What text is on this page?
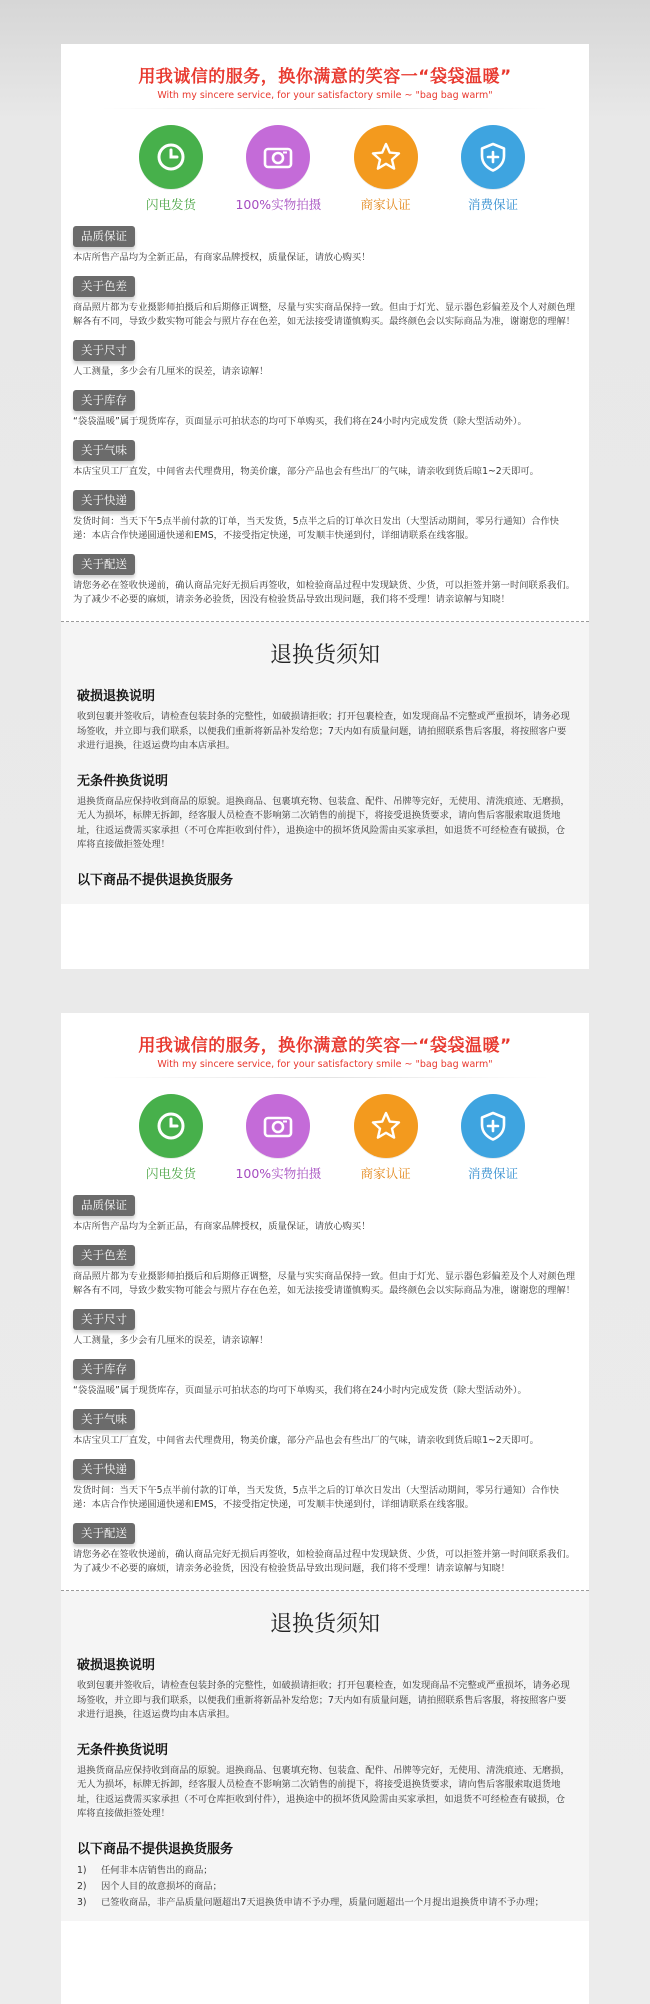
用我诚信的服务，换你满意的笑容一“袋袋温暖”
With my sincere service, for your satisfactory smile ~ "bag bag warm"
闪电发货	100%实物拍摄	商家认证	消费保证
品质保证

本店所售产品均为全新正品，有商家品牌授权，质量保证，请放心购买！

关于色差

商品照片都为专业摄影师拍摄后和后期修正调整，尽量与实实商品保持一致。但由于灯光、显示器色彩偏差及个人对颜色理解各有不同，导致少数实物可能会与照片存在色差，如无法接受请谨慎购买。最终颜色会以实际商品为准，谢谢您的理解！

关于尺寸

人工测量，多少会有几厘米的误差，请亲谅解！

关于库存

“袋袋温暖”属于现货库存，页面显示可拍状态的均可下单购买，我们将在24小时内完成发货（除大型活动外）。

关于气味

本店宝贝工厂直发，中间省去代理费用，物美价廉，部分产品也会有些出厂的气味，请亲收到货后晾1~2天即可。

关于快递

发货时间：当天下午5点半前付款的订单，当天发货，5点半之后的订单次日发出（大型活动期间，零另行通知）合作快递：本店合作快递圆通快递和EMS，不接受指定快递，可发顺丰快递到付，详细请联系在线客服。

关于配送

请您务必在签收快递前，确认商品完好无损后再签收，如检验商品过程中发现缺货、少货，可以拒签并第一时间联系我们。为了减少不必要的麻烦，请亲务必验货，因没有检验货品导致出现问题，我们将不受理！请亲谅解与知晓！

退换货须知
破损退换说明

收到包裹并签收后，请检查包装封条的完整性，如破损请拒收；打开包裹检查，如发现商品不完整或严重损坏，请务必现场签收，并立即与我们联系，以便我们重新将新品补发给您；7天内如有质量问题，请拍照联系售后客服，将按照客户要求进行退换，往返运费均由本店承担。

无条件换货说明

退换货商品应保持收到商品的原貌。退换商品、包裹填充物、包装盒、配件、吊牌等完好，无使用、清洗痕迹、无磨损，无人为损坏，标牌无拆卸，经客服人员检查不影响第二次销售的前提下，将接受退换货要求，请向售后客服索取退货地址，往返运费需买家承担（不可仓库拒收到付件），退换途中的损坏货风险需由买家承担，如退货不可经检查有破损，仓库将直接做拒签处理！

以下商品不提供退换货服务
用我诚信的服务，换你满意的笑容一“袋袋温暖”
With my sincere service, for your satisfactory smile ~ "bag bag warm"
闪电发货	100%实物拍摄	商家认证	消费保证
品质保证

本店所售产品均为全新正品，有商家品牌授权，质量保证，请放心购买！

关于色差

商品照片都为专业摄影师拍摄后和后期修正调整，尽量与实实商品保持一致。但由于灯光、显示器色彩偏差及个人对颜色理解各有不同，导致少数实物可能会与照片存在色差，如无法接受请谨慎购买。最终颜色会以实际商品为准，谢谢您的理解！

关于尺寸

人工测量，多少会有几厘米的误差，请亲谅解！

关于库存

“袋袋温暖”属于现货库存，页面显示可拍状态的均可下单购买，我们将在24小时内完成发货（除大型活动外）。

关于气味

本店宝贝工厂直发，中间省去代理费用，物美价廉，部分产品也会有些出厂的气味，请亲收到货后晾1~2天即可。

关于快递

发货时间：当天下午5点半前付款的订单，当天发货，5点半之后的订单次日发出（大型活动期间，零另行通知）合作快递：本店合作快递圆通快递和EMS，不接受指定快递，可发顺丰快递到付，详细请联系在线客服。

关于配送

请您务必在签收快递前，确认商品完好无损后再签收，如检验商品过程中发现缺货、少货，可以拒签并第一时间联系我们。为了减少不必要的麻烦，请亲务必验货，因没有检验货品导致出现问题，我们将不受理！请亲谅解与知晓！

退换货须知
破损退换说明

收到包裹并签收后，请检查包装封条的完整性，如破损请拒收；打开包裹检查，如发现商品不完整或严重损坏，请务必现场签收，并立即与我们联系，以便我们重新将新品补发给您；7天内如有质量问题，请拍照联系售后客服，将按照客户要求进行退换，往返运费均由本店承担。

无条件换货说明

退换货商品应保持收到商品的原貌。退换商品、包裹填充物、包装盒、配件、吊牌等完好，无使用、清洗痕迹、无磨损，无人为损坏，标牌无拆卸，经客服人员检查不影响第二次销售的前提下，将接受退换货要求，请向售后客服索取退货地址，往返运费需买家承担（不可仓库拒收到付件），退换途中的损坏货风险需由买家承担，如退货不可经检查有破损，仓库将直接做拒签处理！

以下商品不提供退换货服务
1)	任何非本店销售出的商品；
2)	因个人目的故意损坏的商品；
3)	已签收商品，非产品质量问题超出7天退换货申请不予办理，质量问题超出一个月提出退换货申请不予办理；
